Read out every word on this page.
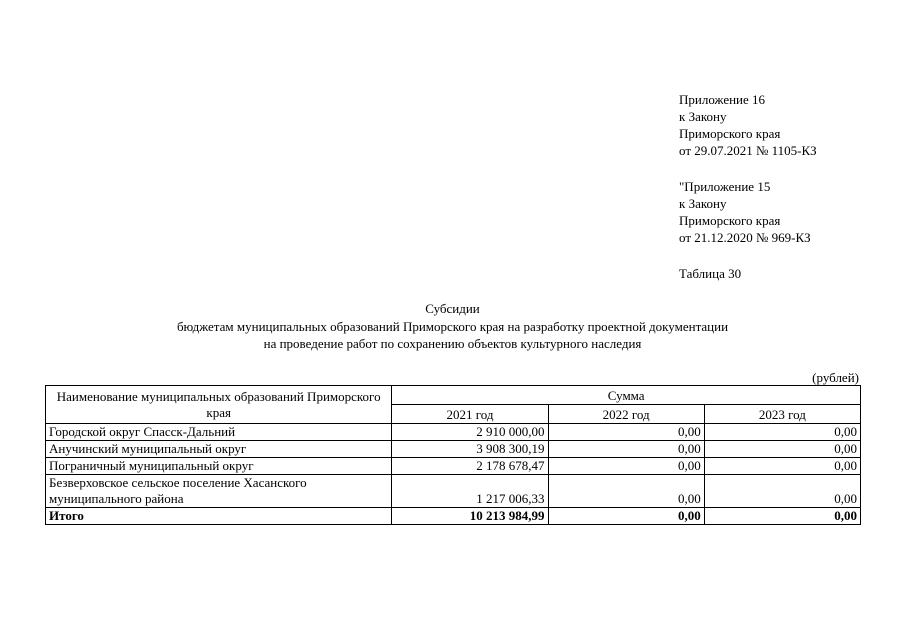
Приложение 16
к Закону
Приморского края
от 29.07.2021 № 1105-КЗ
"Приложение 15
к Закону
Приморского края
от 21.12.2020 № 969-КЗ
Таблица 30
Субсидии
бюджетам муниципальных образований Приморского края на разработку проектной документации
на проведение работ по сохранению объектов культурного наследия
(рублей)
Наименование муниципальных образований Приморского края	Сумма		
	2021 год	2022 год	2023 год
Городской округ Спасск-Дальний	2 910 000,00	0,00	0,00
Анучинский муниципальный округ	3 908 300,19	0,00	0,00
Пограничный муниципальный округ	2 178 678,47	0,00	0,00
Безверховское сельское поселение Хасанского муниципального района	1 217 006,33	0,00	0,00
Итого	10 213 984,99	0,00	0,00
